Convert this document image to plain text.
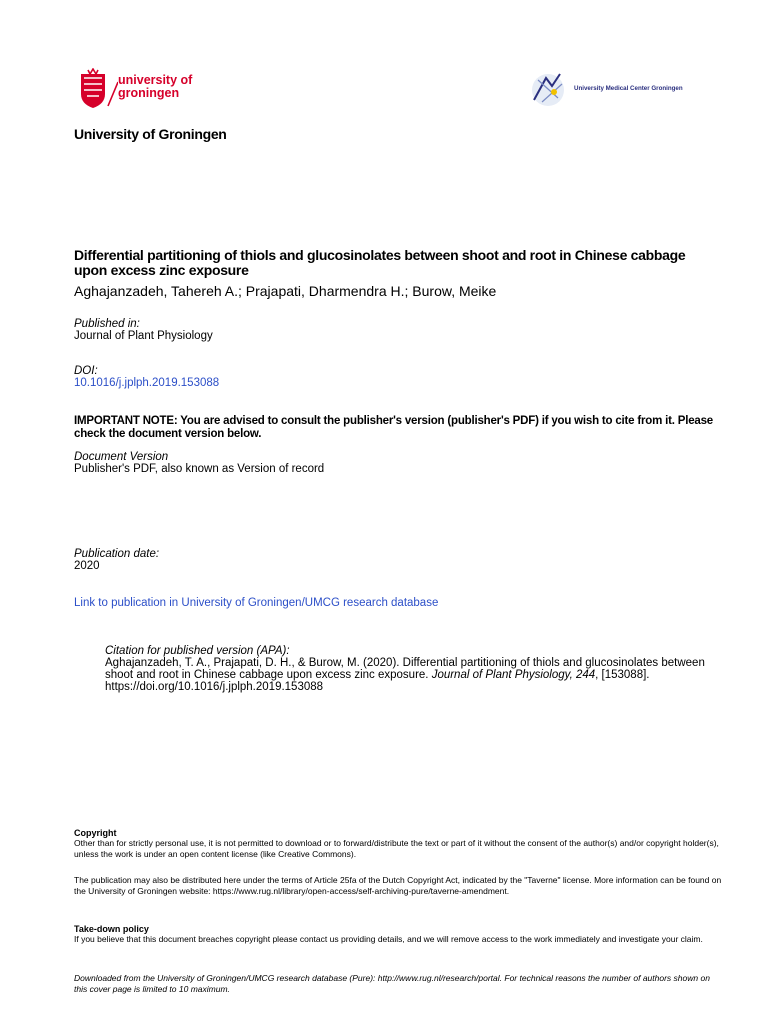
university of
groningen	University Medical Center Groningen
University of Groningen
Differential partitioning of thiols and glucosinolates between shoot and root in Chinese cabbage upon excess zinc exposure
Aghajanzadeh, Tahereh A.; Prajapati, Dharmendra H.; Burow, Meike
Published in:
Journal of Plant Physiology
DOI:
10.1016/j.jplph.2019.153088
IMPORTANT NOTE: You are advised to consult the publisher's version (publisher's PDF) if you wish to cite from it. Please check the document version below.
Document Version
Publisher's PDF, also known as Version of record
Publication date:
2020
Link to publication in University of Groningen/UMCG research database
Citation for published version (APA):
Aghajanzadeh, T. A., Prajapati, D. H., & Burow, M. (2020). Differential partitioning of thiols and glucosinolates between shoot and root in Chinese cabbage upon excess zinc exposure. Journal of Plant Physiology, 244, [153088]. https://doi.org/10.1016/j.jplph.2019.153088
Copyright
Other than for strictly personal use, it is not permitted to download or to forward/distribute the text or part of it without the consent of the author(s) and/or copyright holder(s), unless the work is under an open content license (like Creative Commons).
The publication may also be distributed here under the terms of Article 25fa of the Dutch Copyright Act, indicated by the "Taverne" license. More information can be found on the University of Groningen website: https://www.rug.nl/library/open-access/self-archiving-pure/taverne-amendment.
Take-down policy
If you believe that this document breaches copyright please contact us providing details, and we will remove access to the work immediately and investigate your claim.
Downloaded from the University of Groningen/UMCG research database (Pure): http://www.rug.nl/research/portal. For technical reasons the number of authors shown on this cover page is limited to 10 maximum.
